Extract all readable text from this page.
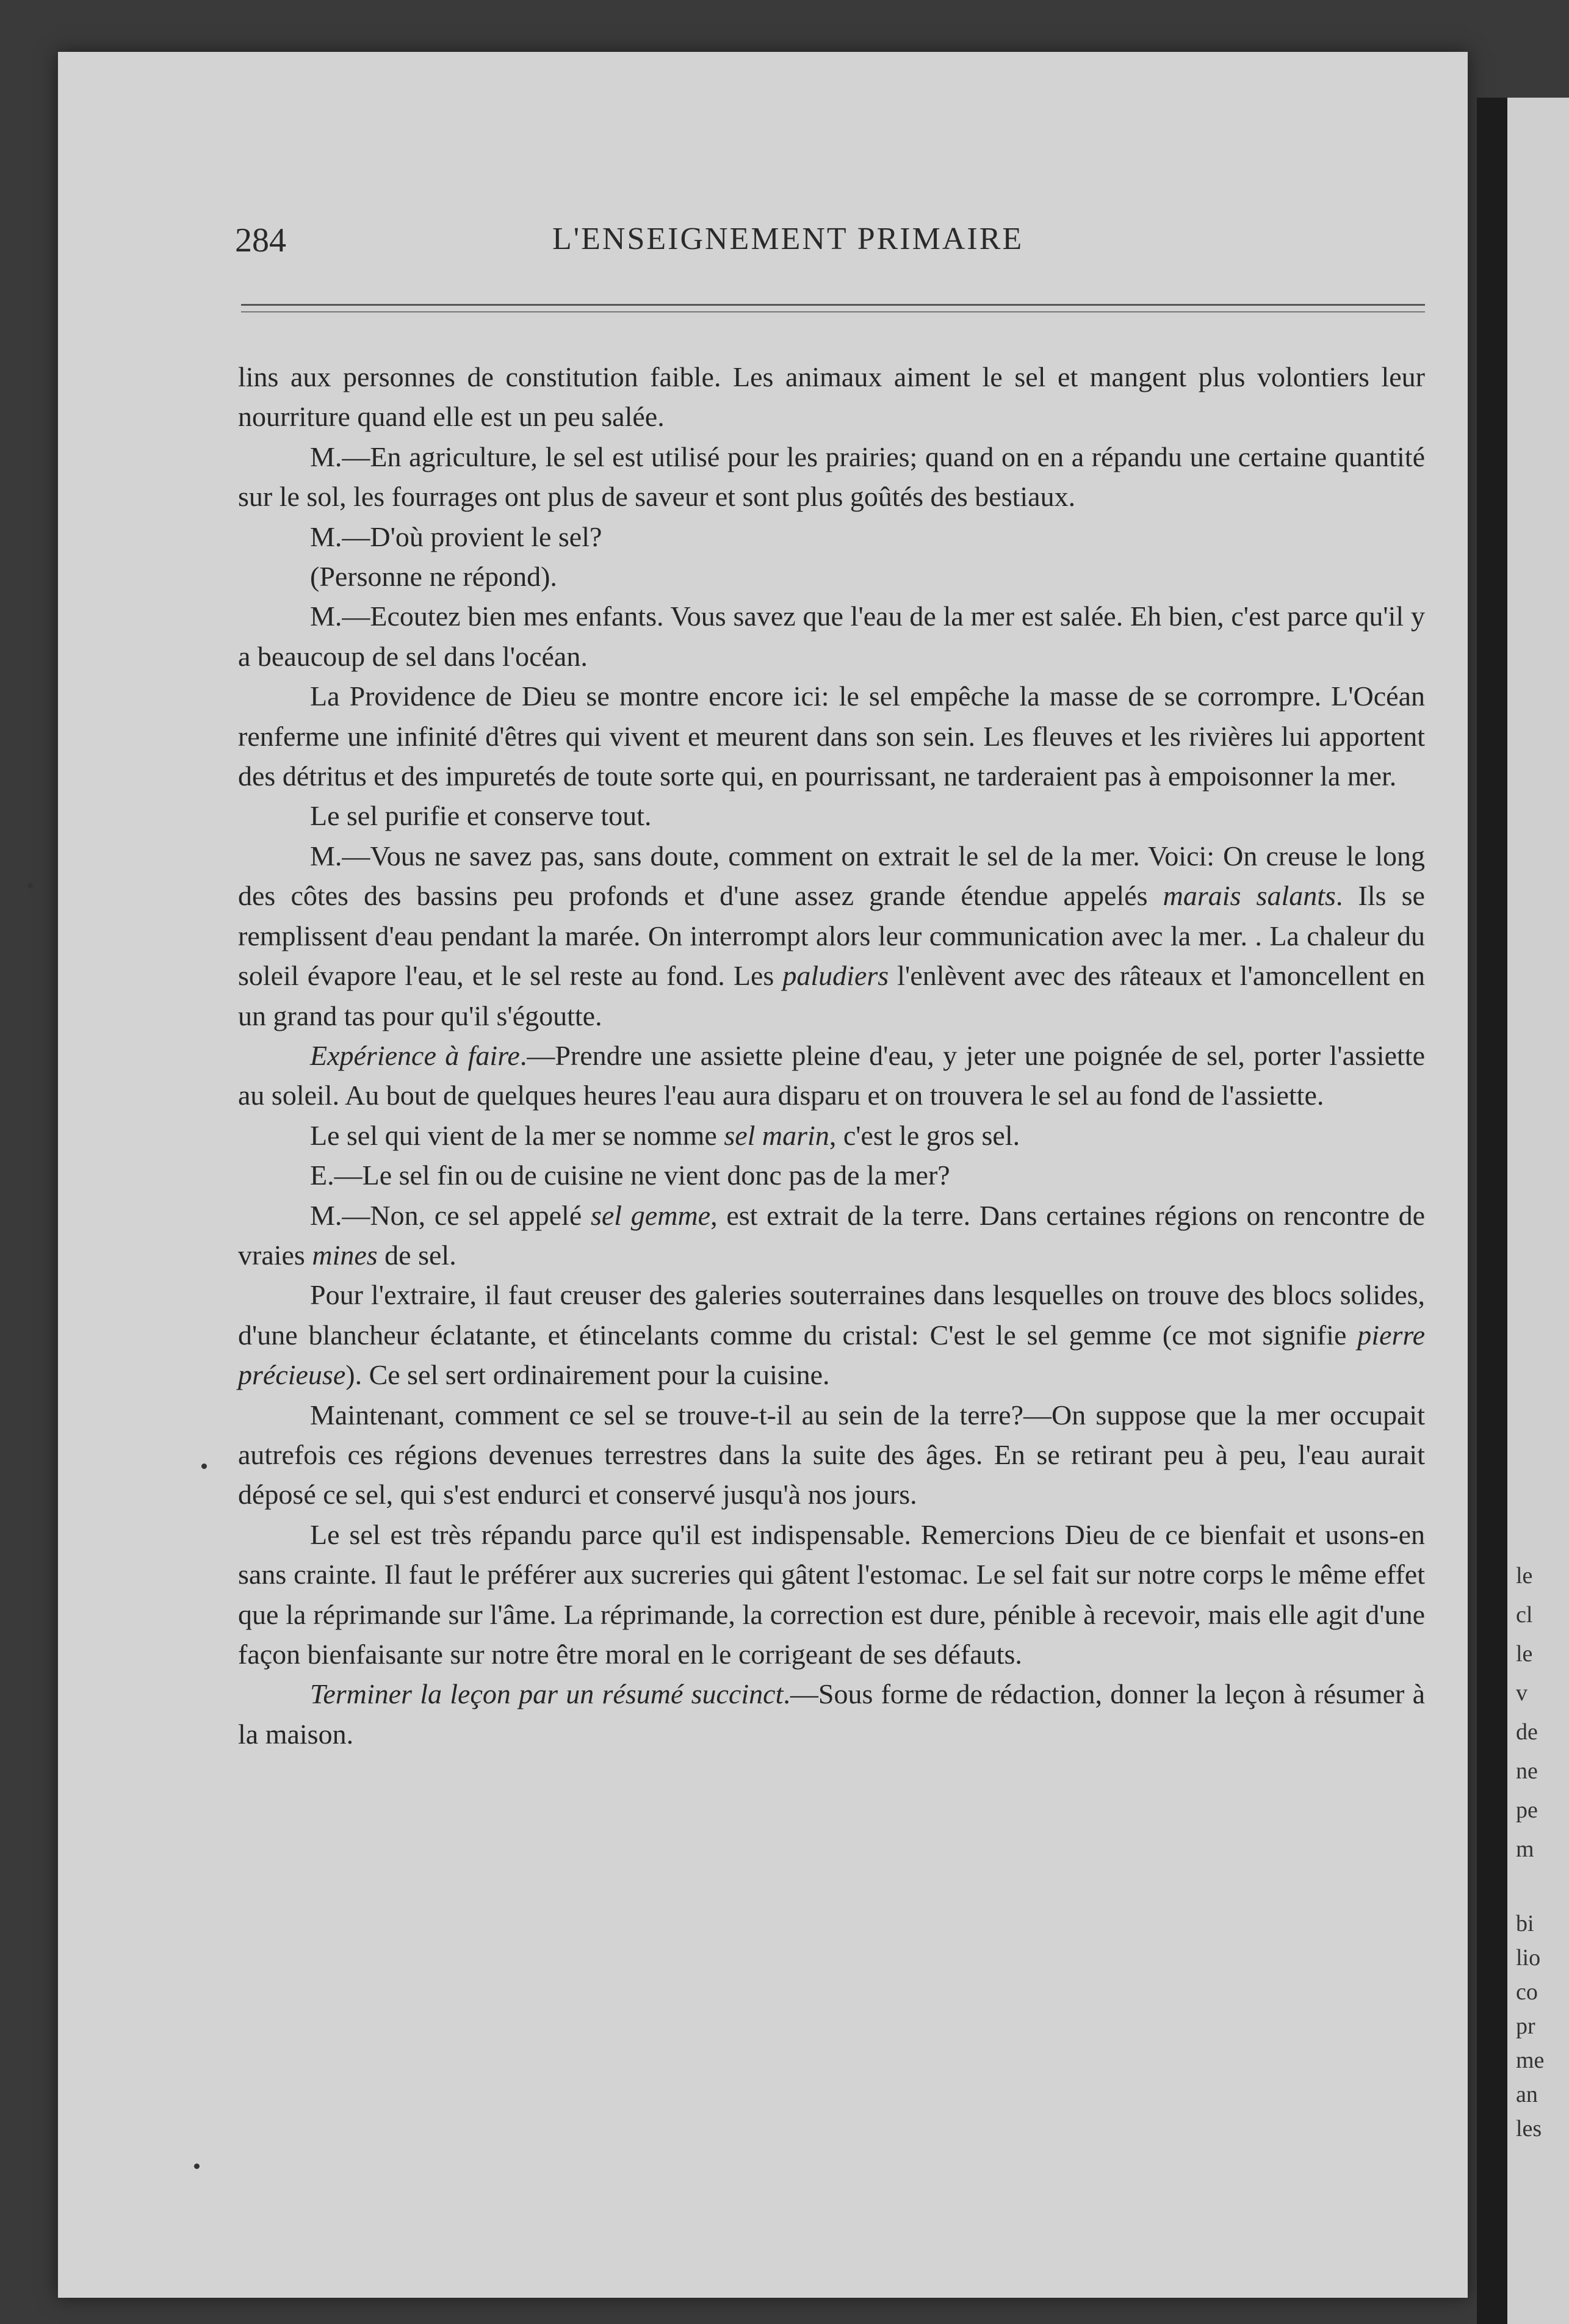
le
cl
le
v
de
ne
pe
m
bi
lio
co
pr
me
an
les
284	L'ENSEIGNEMENT PRIMAIRE

lins aux personnes de constitution faible. Les animaux aiment le sel et mangent plus volontiers leur nourriture quand elle est un peu salée.

M.—En agriculture, le sel est utilisé pour les prairies; quand on en a répandu une certaine quantité sur le sol, les fourrages ont plus de saveur et sont plus goûtés des bestiaux.

M.—D'où provient le sel?

(Personne ne répond).

M.—Ecoutez bien mes enfants. Vous savez que l'eau de la mer est salée. Eh bien, c'est parce qu'il y a beaucoup de sel dans l'océan.

La Providence de Dieu se montre encore ici: le sel empêche la masse de se corrompre. L'Océan renferme une infinité d'êtres qui vivent et meurent dans son sein. Les fleuves et les rivières lui apportent des détritus et des impuretés de toute sorte qui, en pourrissant, ne tarderaient pas à empoisonner la mer.

Le sel purifie et conserve tout.

M.—Vous ne savez pas, sans doute, comment on extrait le sel de la mer. Voici: On creuse le long des côtes des bassins peu profonds et d'une assez grande étendue appelés marais salants. Ils se remplissent d'eau pendant la marée. On interrompt alors leur communication avec la mer. . La chaleur du soleil évapore l'eau, et le sel reste au fond. Les paludiers l'enlèvent avec des râteaux et l'amoncellent en un grand tas pour qu'il s'égoutte.

Expérience à faire.—Prendre une assiette pleine d'eau, y jeter une poignée de sel, porter l'assiette au soleil. Au bout de quelques heures l'eau aura disparu et on trouvera le sel au fond de l'assiette.

Le sel qui vient de la mer se nomme sel marin, c'est le gros sel.

E.—Le sel fin ou de cuisine ne vient donc pas de la mer?

M.—Non, ce sel appelé sel gemme, est extrait de la terre. Dans certaines régions on rencontre de vraies mines de sel.

Pour l'extraire, il faut creuser des galeries souterraines dans lesquelles on trouve des blocs solides, d'une blancheur éclatante, et étincelants comme du cristal: C'est le sel gemme (ce mot signifie pierre précieuse). Ce sel sert ordinairement pour la cuisine.

Maintenant, comment ce sel se trouve-t-il au sein de la terre?—On suppose que la mer occupait autrefois ces régions devenues terrestres dans la suite des âges. En se retirant peu à peu, l'eau aurait déposé ce sel, qui s'est endurci et conservé jusqu'à nos jours.

Le sel est très répandu parce qu'il est indispensable. Remercions Dieu de ce bienfait et usons-en sans crainte. Il faut le préférer aux sucreries qui gâtent l'estomac. Le sel fait sur notre corps le même effet que la réprimande sur l'âme. La réprimande, la correction est dure, pénible à recevoir, mais elle agit d'une façon bienfaisante sur notre être moral en le corrigeant de ses défauts.

Terminer la leçon par un résumé succinct.—Sous forme de rédaction, donner la leçon à résumer à la maison.
